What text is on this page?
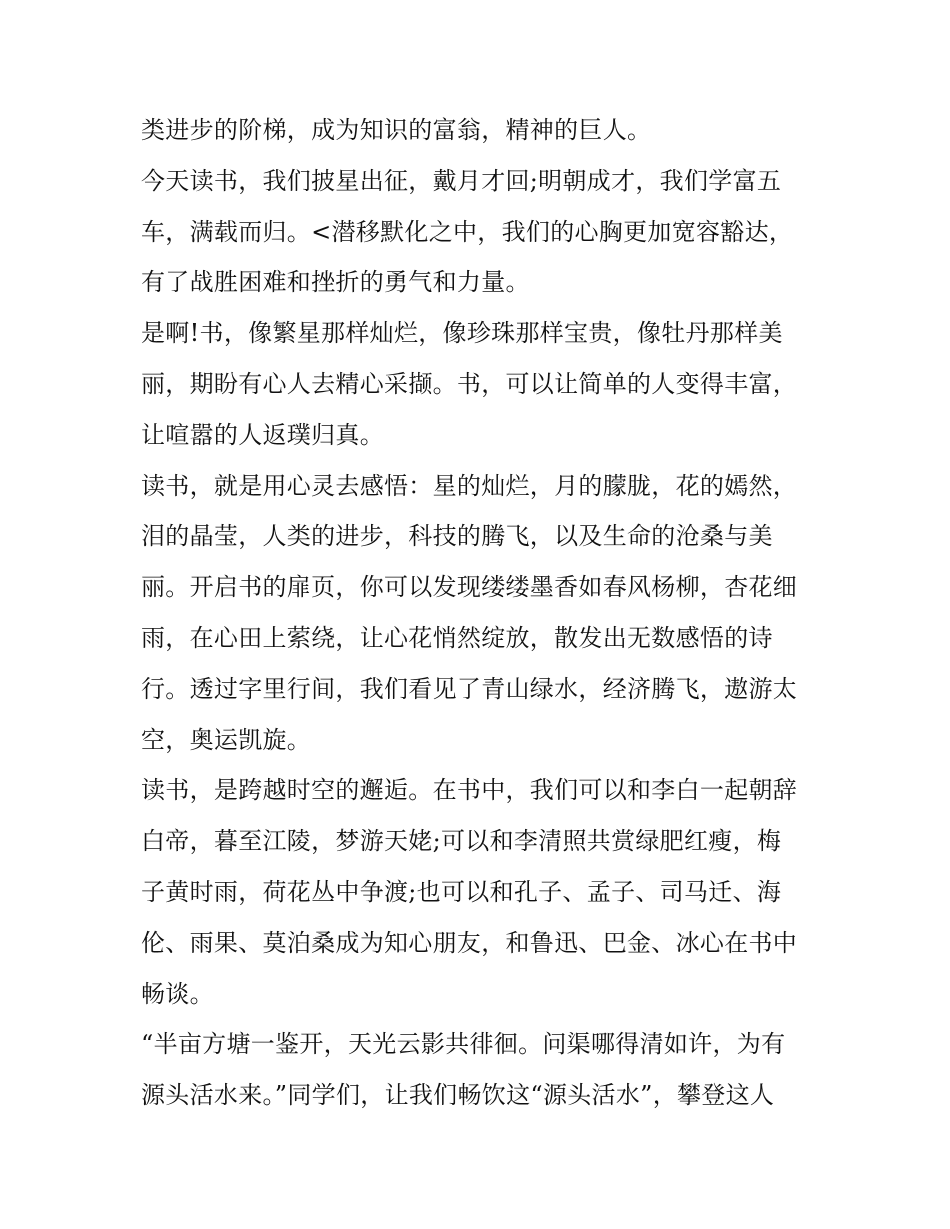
类进步的阶梯，成为知识的富翁，精神的巨人。
今天读书，我们披星出征，戴月才回;明朝成才，我们学富五
车，满载而归。<潜移默化之中，我们的心胸更加宽容豁达，
有了战胜困难和挫折的勇气和力量。
是啊!书，像繁星那样灿烂，像珍珠那样宝贵，像牡丹那样美
丽，期盼有心人去精心采撷。书，可以让简单的人变得丰富，
让喧嚣的人返璞归真。
读书，就是用心灵去感悟：星的灿烂，月的朦胧，花的嫣然，
泪的晶莹，人类的进步，科技的腾飞，以及生命的沧桑与美
丽。开启书的扉页，你可以发现缕缕墨香如春风杨柳，杏花细
雨，在心田上萦绕，让心花悄然绽放，散发出无数感悟的诗
行。透过字里行间，我们看见了青山绿水，经济腾飞，遨游太
空，奥运凯旋。
读书，是跨越时空的邂逅。在书中，我们可以和李白一起朝辞
白帝，暮至江陵，梦游天姥;可以和李清照共赏绿肥红瘦，梅
子黄时雨，荷花丛中争渡;也可以和孔子、孟子、司马迁、海
伦、雨果、莫泊桑成为知心朋友，和鲁迅、巴金、冰心在书中
畅谈。
“半亩方塘一鉴开，天光云影共徘徊。问渠哪得清如许，为有
源头活水来。”同学们，让我们畅饮这“源头活水”，攀登这人
